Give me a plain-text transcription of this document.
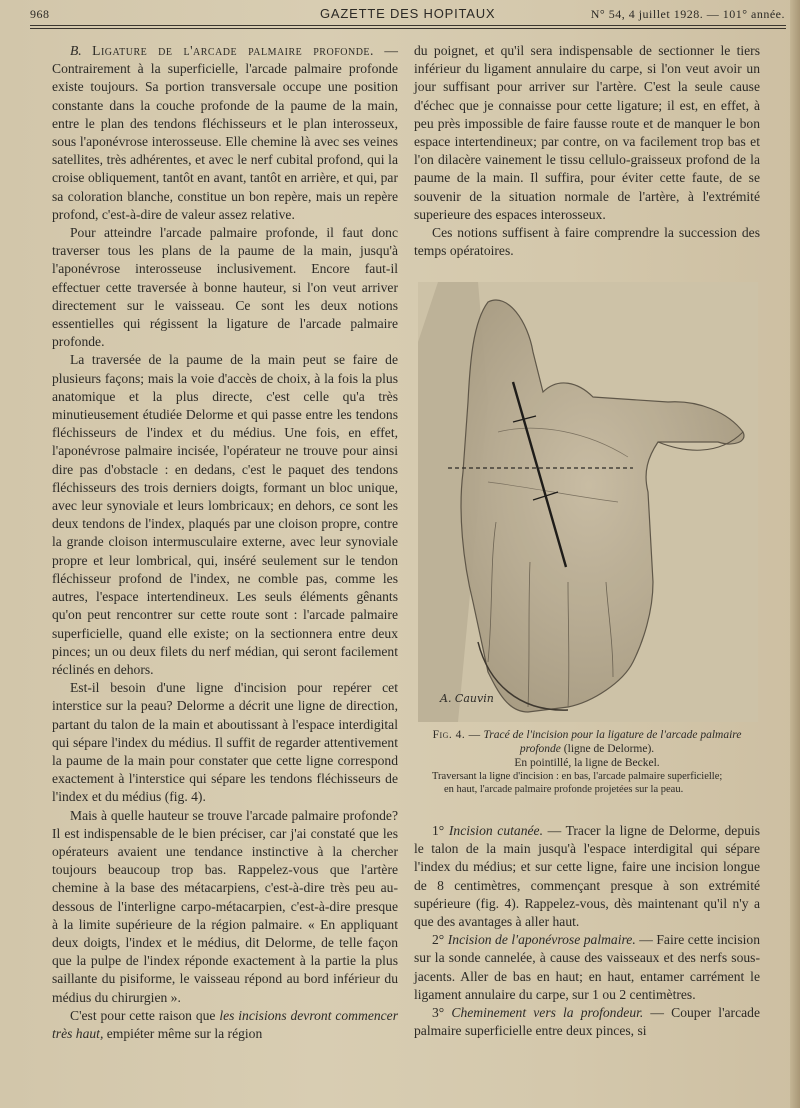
968	GAZETTE DES HOPITAUX	N° 54, 4 juillet 1928. — 101° année.

B. Ligature de l'arcade palmaire profonde. — Contrairement à la superficielle, l'arcade palmaire profonde existe toujours. Sa portion transversale occupe une position constante dans la couche profonde de la paume de la main, entre le plan des tendons fléchisseurs et le plan interosseux, sous l'aponévrose interosseuse. Elle chemine là avec ses veines satellites, très adhérentes, et avec le nerf cubital profond, qui la croise obliquement, tantôt en avant, tantôt en arrière, et qui, par sa coloration blanche, constitue un bon repère, mais un repère profond, c'est-à-dire de valeur assez relative.

Pour atteindre l'arcade palmaire profonde, il faut donc traverser tous les plans de la paume de la main, jusqu'à l'aponévrose interosseuse inclusivement. Encore faut-il effectuer cette traversée à bonne hauteur, si l'on veut arriver directement sur le vaisseau. Ce sont les deux notions essentielles qui régissent la ligature de l'arcade palmaire profonde.

La traversée de la paume de la main peut se faire de plusieurs façons; mais la voie d'accès de choix, à la fois la plus anatomique et la plus directe, c'est celle qu'a très minutieusement étudiée Delorme et qui passe entre les tendons fléchisseurs de l'index et du médius. Une fois, en effet, l'aponévrose palmaire incisée, l'opérateur ne trouve pour ainsi dire pas d'obstacle : en dedans, c'est le paquet des tendons fléchisseurs des trois derniers doigts, formant un bloc unique, avec leur synoviale et leurs lombricaux; en dehors, ce sont les deux tendons de l'index, plaqués par une cloison propre, contre la grande cloison intermusculaire externe, avec leur synoviale propre et leur lombrical, qui, inséré seulement sur le tendon fléchisseur profond de l'index, ne comble pas, comme les autres, l'espace intertendineux. Les seuls éléments gênants qu'on peut rencontrer sur cette route sont : l'arcade palmaire superficielle, quand elle existe; on la sectionnera entre deux pinces; un ou deux filets du nerf médian, qui seront facilement réclinés en dehors.

Est-il besoin d'une ligne d'incision pour repérer cet interstice sur la peau? Delorme a décrit une ligne de direction, partant du talon de la main et aboutissant à l'espace interdigital qui sépare l'index du médius. Il suffit de regarder attentivement la paume de la main pour constater que cette ligne correspond exactement à l'interstice qui sépare les tendons fléchisseurs de l'index et du médius (fig. 4).

Mais à quelle hauteur se trouve l'arcade palmaire profonde? Il est indispensable de le bien préciser, car j'ai constaté que les opérateurs avaient une tendance instinctive à la chercher toujours beaucoup trop bas. Rappelez-vous que l'artère chemine à la base des métacarpiens, c'est-à-dire très peu au-dessous de l'interligne carpo-métacarpien, c'est-à-dire presque à la limite supérieure de la région palmaire. « En appliquant deux doigts, l'index et le médius, dit Delorme, de telle façon que la pulpe de l'index réponde exactement à la partie la plus saillante du pisiforme, le vaisseau répond au bord inférieur du médius du chirurgien ».

C'est pour cette raison que les incisions devront commencer très haut, empiéter même sur la région

du poignet, et qu'il sera indispensable de sectionner le tiers inférieur du ligament annulaire du carpe, si l'on veut avoir un jour suffisant pour arriver sur l'artère. C'est la seule cause d'échec que je connaisse pour cette ligature; il est, en effet, à peu près impossible de faire fausse route et de manquer le bon espace intertendineux; par contre, on va facilement trop bas et l'on dilacère vainement le tissu cellulo-graisseux profond de la paume de la main. Il suffira, pour éviter cette faute, de se souvenir de la situation normale de l'artère, à l'extrémité superieure des espaces interosseux.

Ces notions suffisent à faire comprendre la succession des temps opératoires.

A. Cauvin
Fig. 4. — Tracé de l'incision pour la ligature de l'arcade palmaire profonde (ligne de Delorme).
En pointillé, la ligne de Beckel.
Traversant la ligne d'incision : en bas, l'arcade palmaire superficielle; en haut, l'arcade palmaire profonde projetées sur la peau.

1° Incision cutanée. — Tracer la ligne de Delorme, depuis le talon de la main jusqu'à l'espace interdigital qui sépare l'index du médius; et sur cette ligne, faire une incision longue de 8 centimètres, commençant presque à son extrémité supérieure (fig. 4). Rappelez-vous, dès maintenant qu'il n'y a que des avantages à aller haut.

2° Incision de l'aponévrose palmaire. — Faire cette incision sur la sonde cannelée, à cause des vaisseaux et des nerfs sous-jacents. Aller de bas en haut; en haut, entamer carrément le ligament annulaire du carpe, sur 1 ou 2 centimètres.

3° Cheminement vers la profondeur. — Couper l'arcade palmaire superficielle entre deux pinces, si
